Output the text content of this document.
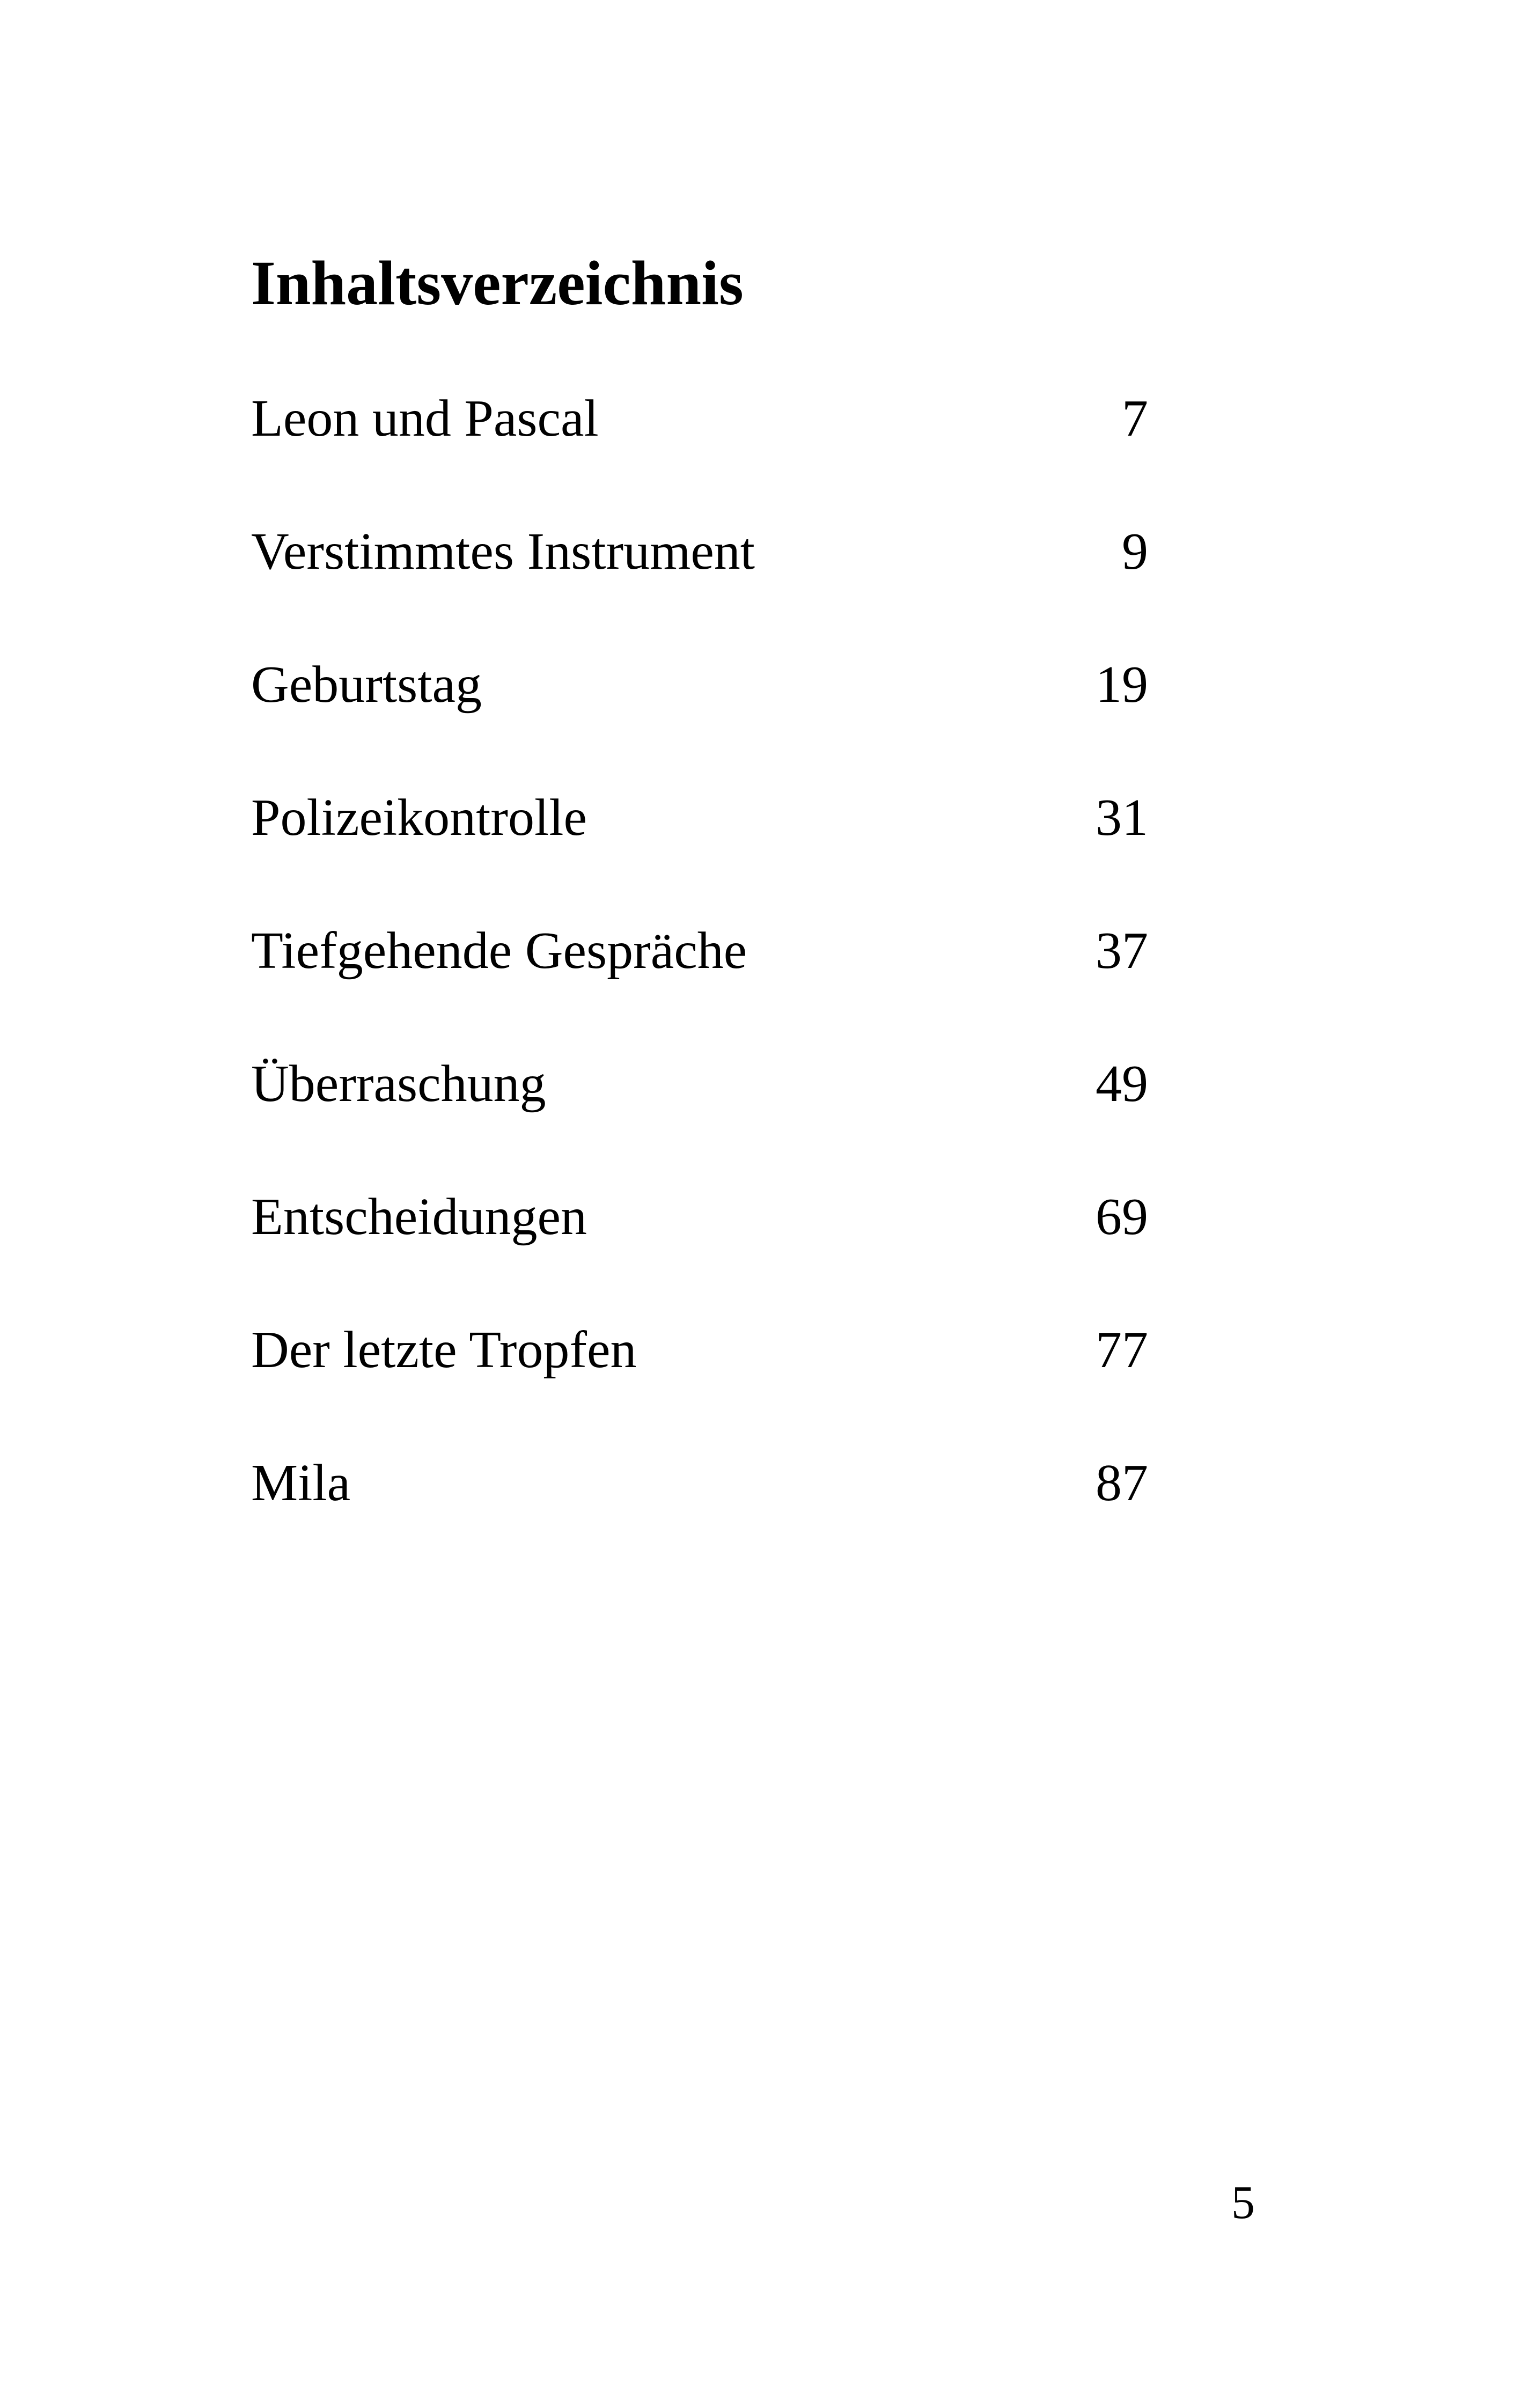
Inhaltsverzeichnis
Leon und Pascal	7
Verstimmtes Instrument	9
Geburtstag	19
Polizeikontrolle	31
Tiefgehende Gespräche	37
Überraschung	49
Entscheidungen	69
Der letzte Tropfen	77
Mila	87
5
